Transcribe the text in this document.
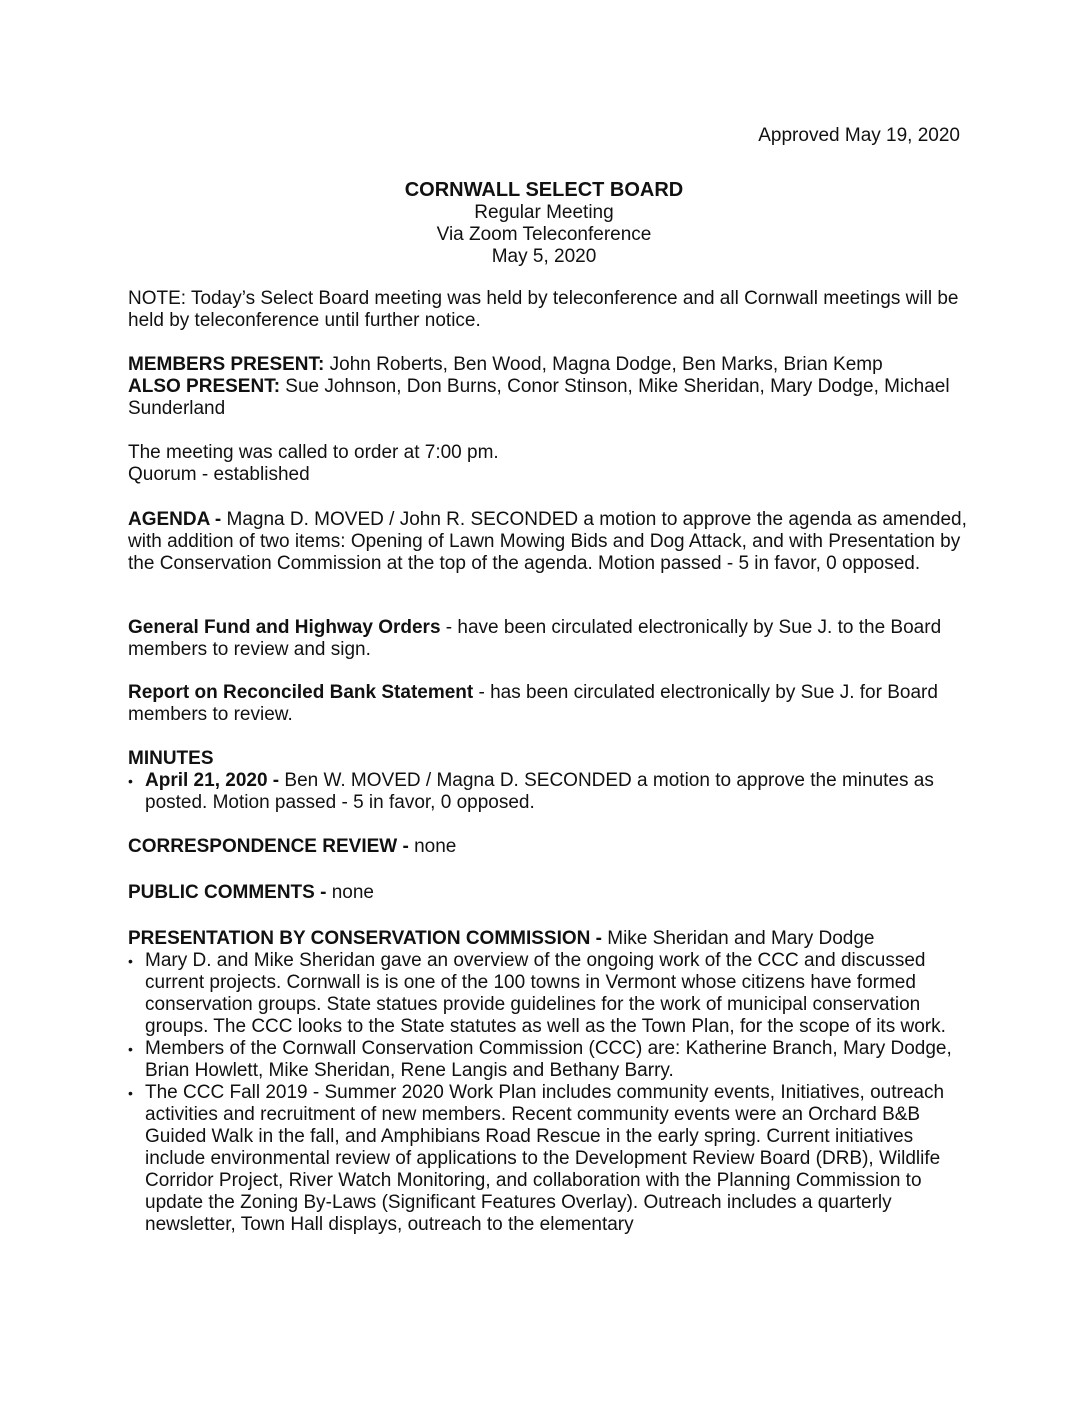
Approved May 19, 2020
CORNWALL SELECT BOARD
Regular Meeting
Via Zoom Teleconference
May 5, 2020

NOTE: Today’s Select Board meeting was held by teleconference and all Cornwall meetings will be held by teleconference until further notice.

MEMBERS PRESENT: John Roberts, Ben Wood, Magna Dodge, Ben Marks, Brian Kemp
ALSO PRESENT: Sue Johnson, Don Burns, Conor Stinson, Mike Sheridan, Mary Dodge, Michael Sunderland
The meeting was called to order at 7:00 pm.
Quorum - established

AGENDA - Magna D. MOVED / John R. SECONDED a motion to approve the agenda as amended, with addition of two items: Opening of Lawn Mowing Bids and Dog Attack, and with Presentation by the Conservation Commission at the top of the agenda. Motion passed - 5 in favor, 0 opposed.

General Fund and Highway Orders - have been circulated electronically by Sue J. to the Board members to review and sign.

Report on Reconciled Bank Statement - has been circulated electronically by Sue J. for Board members to review.

MINUTES
• April 21, 2020 - Ben W. MOVED / Magna D. SECONDED a motion to approve the minutes as posted. Motion passed - 5 in favor, 0 opposed.

CORRESPONDENCE REVIEW - none

PUBLIC COMMENTS - none

PRESENTATION BY CONSERVATION COMMISSION - Mike Sheridan and Mary Dodge
• Mary D. and Mike Sheridan gave an overview of the ongoing work of the CCC and discussed current projects. Cornwall is is one of the 100 towns in Vermont whose citizens have formed conservation groups. State statues provide guidelines for the work of municipal conservation groups. The CCC looks to the State statutes as well as the Town Plan, for the scope of its work.
• Members of the Cornwall Conservation Commission (CCC) are: Katherine Branch, Mary Dodge, Brian Howlett, Mike Sheridan, Rene Langis and Bethany Barry.
• The CCC Fall 2019 - Summer 2020 Work Plan includes community events, Initiatives, outreach activities and recruitment of new members. Recent community events were an Orchard B&B Guided Walk in the fall, and Amphibians Road Rescue in the early spring. Current initiatives include environmental review of applications to the Development Review Board (DRB), Wildlife Corridor Project, River Watch Monitoring, and collaboration with the Planning Commission to update the Zoning By-Laws (Significant Features Overlay). Outreach includes a quarterly newsletter, Town Hall displays, outreach to the elementary
